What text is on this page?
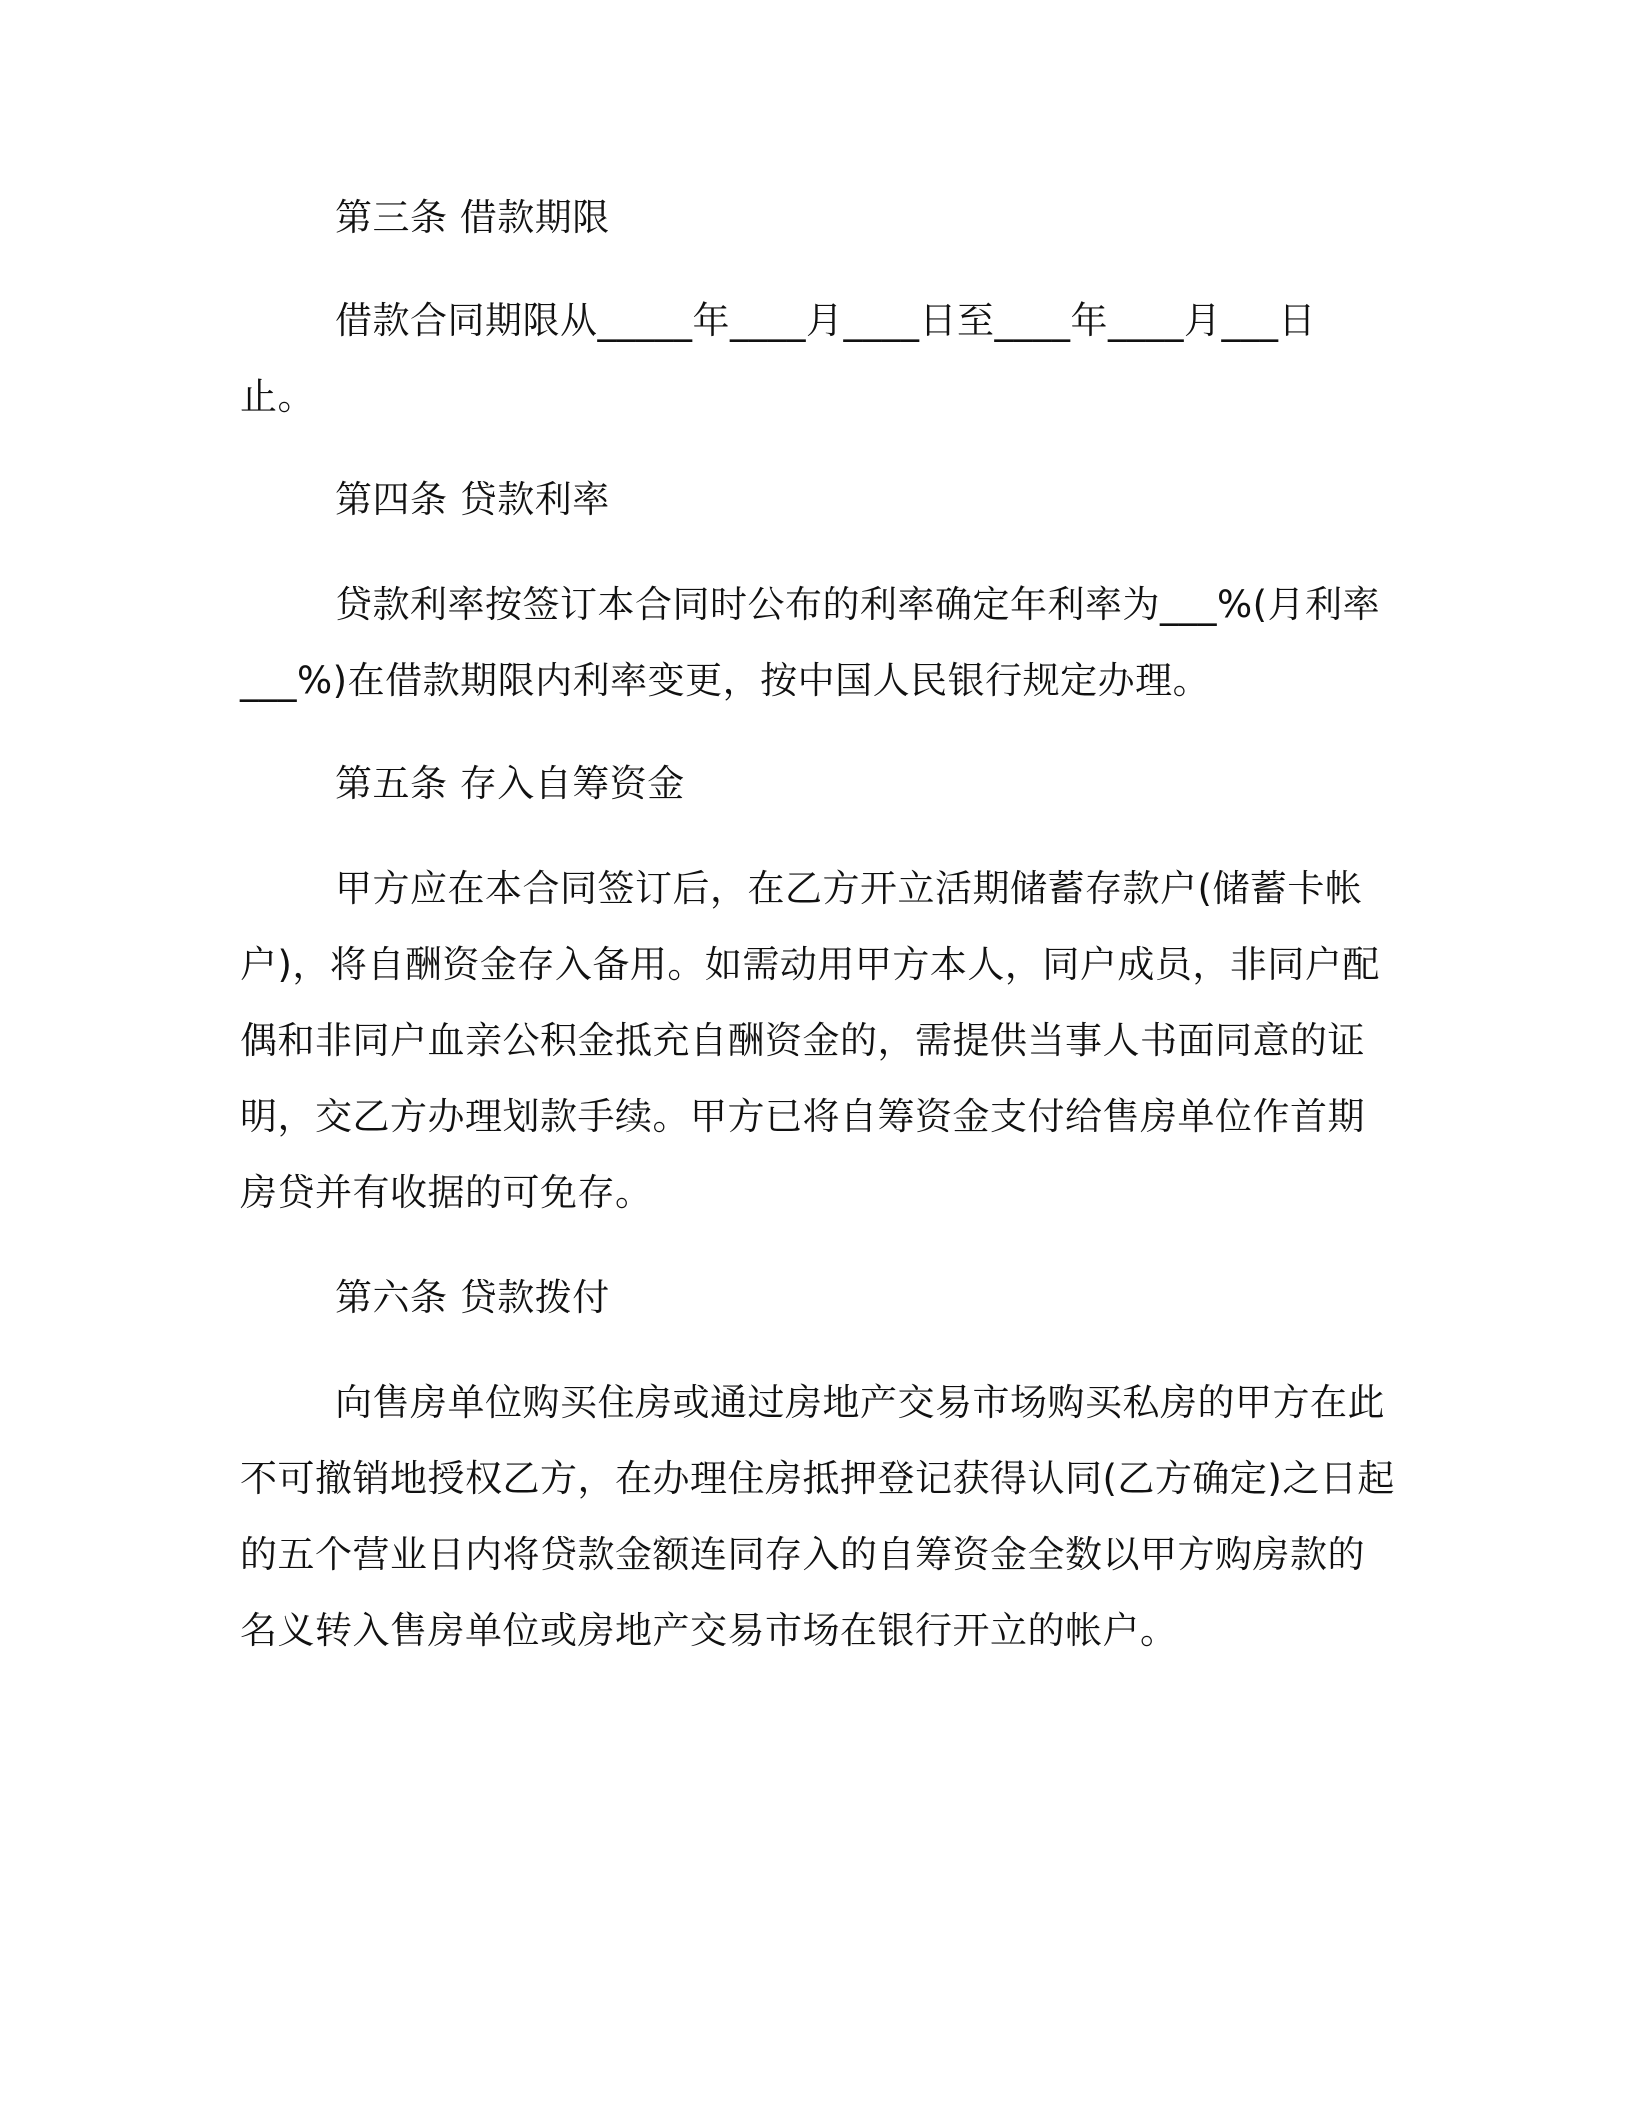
第三条 借款期限
借款合同期限从_____年____月____日至____年____月___日
止。
第四条 贷款利率
贷款利率按签订本合同时公布的利率确定年利率为___%(月利率
___%)在借款期限内利率变更，按中国人民银行规定办理。
第五条 存入自筹资金
甲方应在本合同签订后，在乙方开立活期储蓄存款户(储蓄卡帐
户)，将自酬资金存入备用。如需动用甲方本人，同户成员，非同户配
偶和非同户血亲公积金抵充自酬资金的，需提供当事人书面同意的证
明，交乙方办理划款手续。甲方已将自筹资金支付给售房单位作首期
房贷并有收据的可免存。
第六条 贷款拨付
向售房单位购买住房或通过房地产交易市场购买私房的甲方在此
不可撤销地授权乙方，在办理住房抵押登记获得认同(乙方确定)之日起
的五个营业日内将贷款金额连同存入的自筹资金全数以甲方购房款的
名义转入售房单位或房地产交易市场在银行开立的帐户。
